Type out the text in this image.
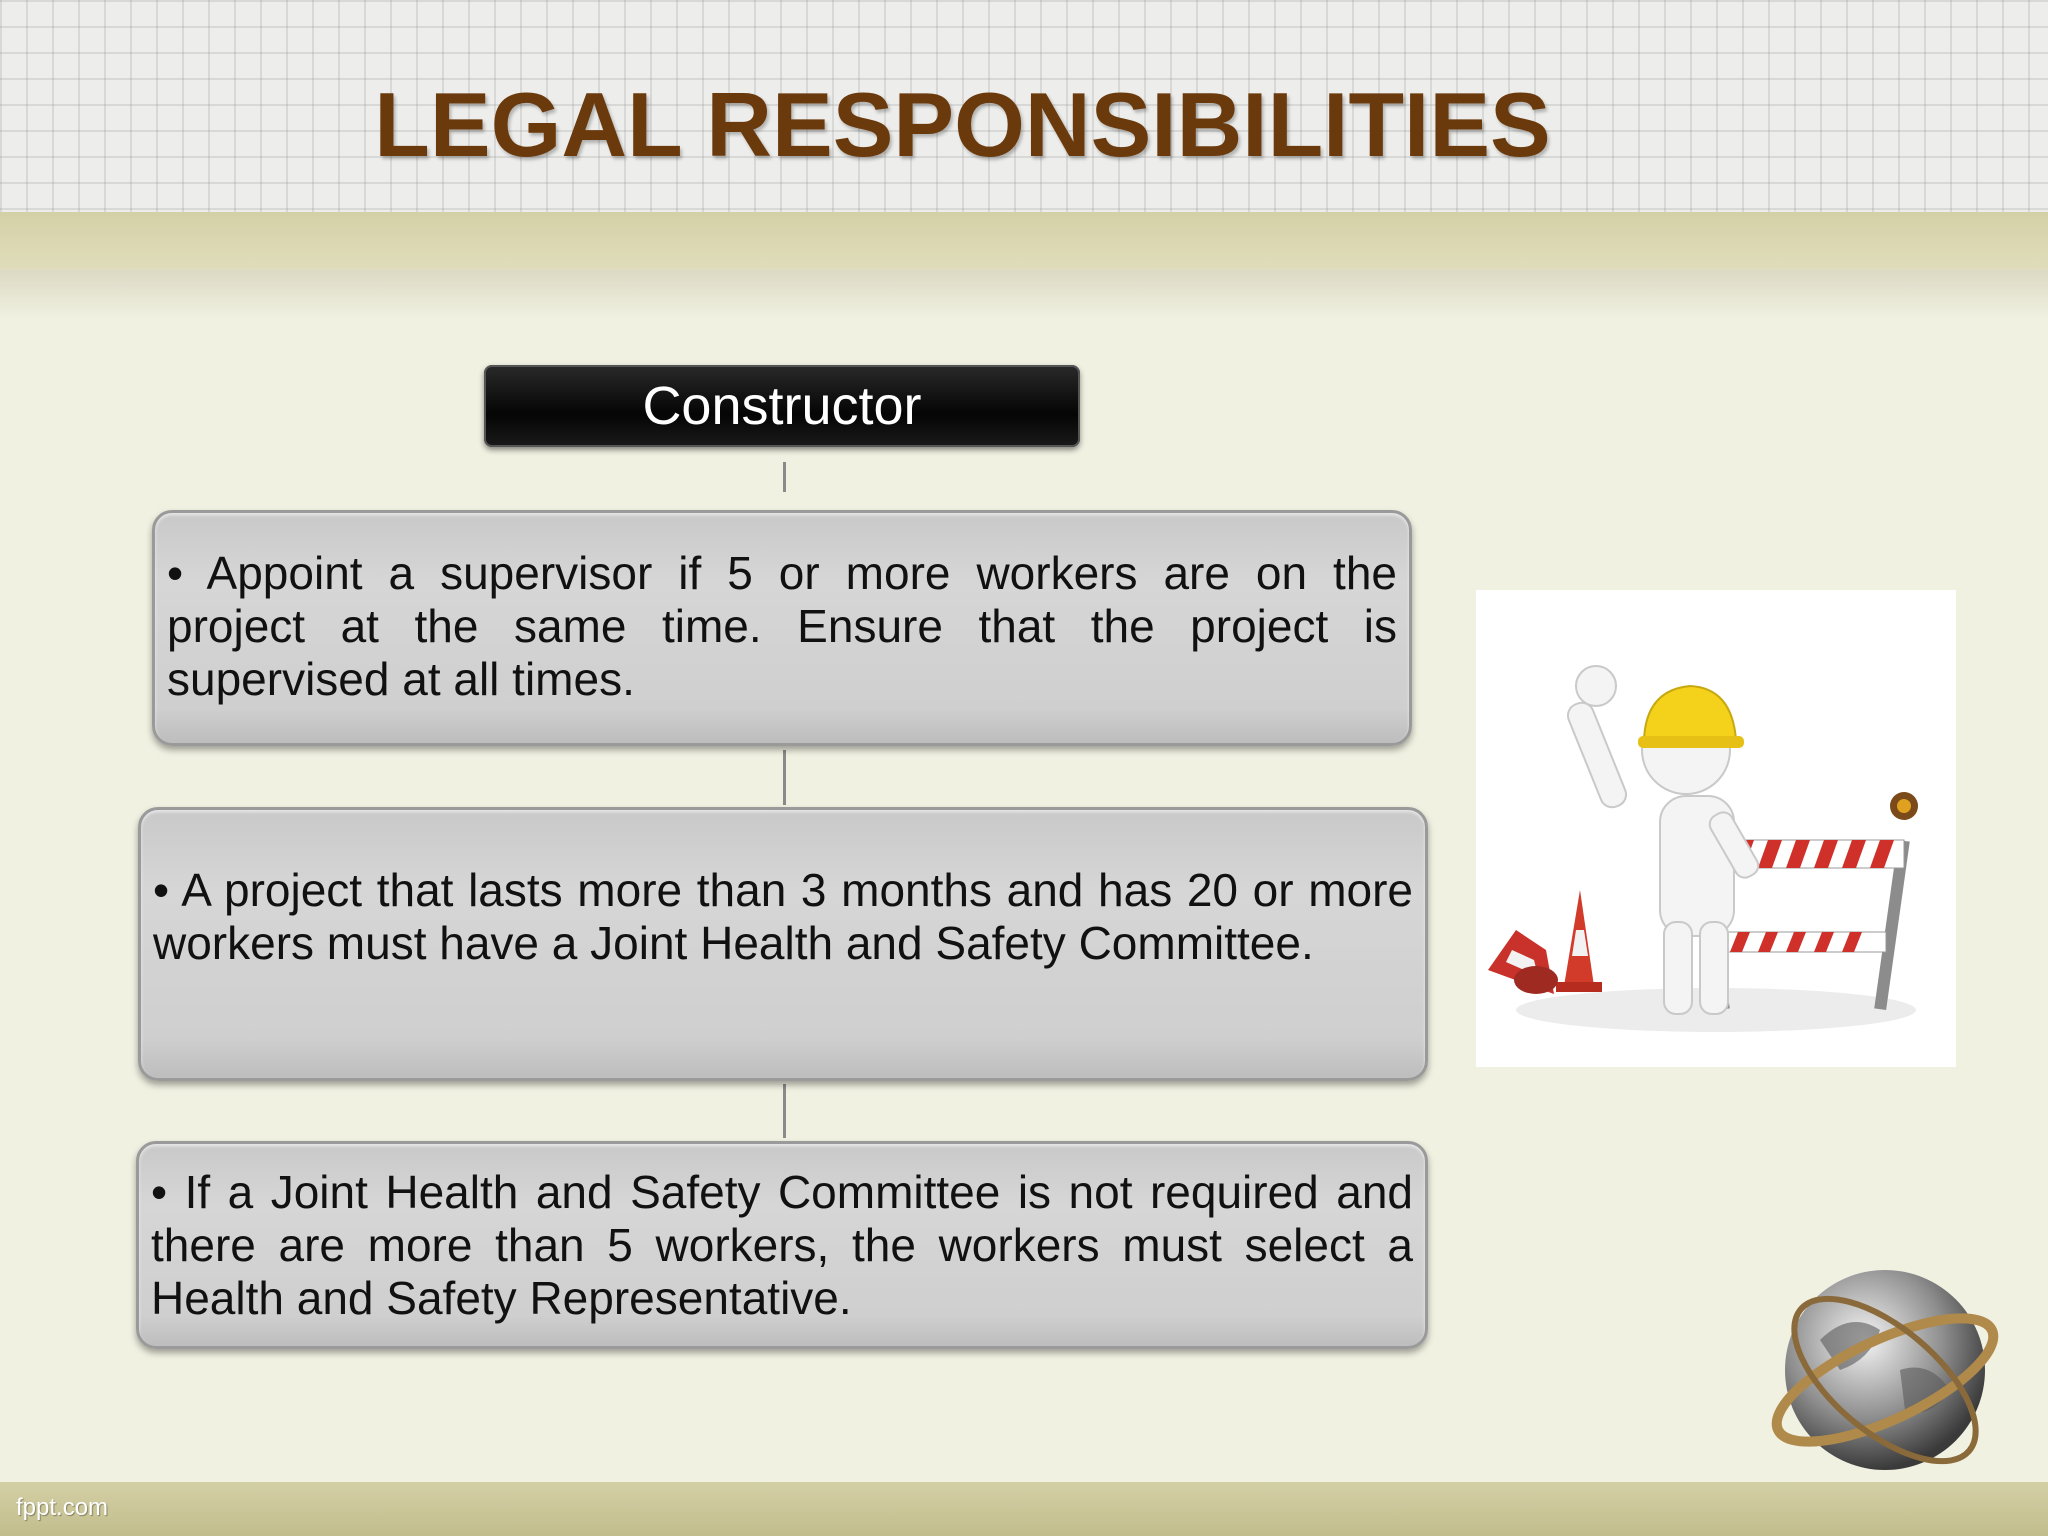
LEGAL RESPONSIBILITIES
Constructor

• Appoint a supervisor if 5 or more workers are on the project at the same time. Ensure that the project is supervised at all times.

• A project that lasts more than 3 months and has 20 or more workers must have a Joint Health and Safety Committee.

• If a Joint Health and Safety Committee is not required and there are more than 5 workers, the workers must select a Health and Safety Representative.

fppt.com
